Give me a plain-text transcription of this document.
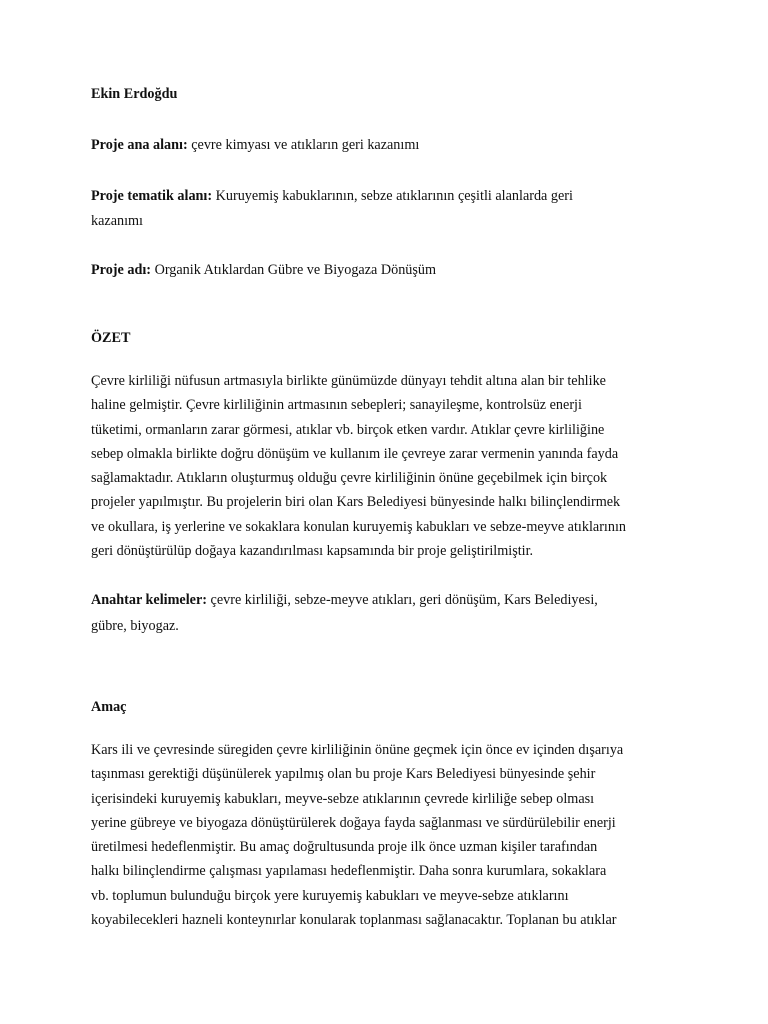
Ekin Erdoğdu
Proje ana alanı: çevre kimyası ve atıkların geri kazanımı
Proje tematik alanı: Kuruyemiş kabuklarının, sebze atıklarının çeşitli alanlarda geri
kazanımı
Proje adı: Organik Atıklardan Gübre ve Biyogaza Dönüşüm
ÖZET
Çevre kirliliği nüfusun artmasıyla birlikte günümüzde dünyayı tehdit altına alan bir tehlike
haline gelmiştir. Çevre kirliliğinin artmasının sebepleri; sanayileşme, kontrolsüz enerji
tüketimi, ormanların zarar görmesi, atıklar vb. birçok etken vardır. Atıklar çevre kirliliğine
sebep olmakla birlikte doğru dönüşüm ve kullanım ile çevreye zarar vermenin yanında fayda
sağlamaktadır. Atıkların oluşturmuş olduğu çevre kirliliğinin önüne geçebilmek için birçok
projeler yapılmıştır. Bu projelerin biri olan Kars Belediyesi bünyesinde halkı bilinçlendirmek
ve okullara, iş yerlerine ve sokaklara konulan kuruyemiş kabukları ve sebze-meyve atıklarının
geri dönüştürülüp doğaya kazandırılması kapsamında bir proje geliştirilmiştir.
Anahtar kelimeler: çevre kirliliği, sebze-meyve atıkları, geri dönüşüm, Kars Belediyesi,
gübre, biyogaz.
Amaç
Kars ili ve çevresinde süregiden çevre kirliliğinin önüne geçmek için önce ev içinden dışarıya
taşınması gerektiği düşünülerek yapılmış olan bu proje Kars Belediyesi bünyesinde şehir
içerisindeki kuruyemiş kabukları, meyve-sebze atıklarının çevrede kirliliğe sebep olması
yerine gübreye ve biyogaza dönüştürülerek doğaya fayda sağlanması ve sürdürülebilir enerji
üretilmesi hedeflenmiştir. Bu amaç doğrultusunda proje ilk önce uzman kişiler tarafından
halkı bilinçlendirme çalışması yapılaması hedeflenmiştir. Daha sonra kurumlara, sokaklara
vb. toplumun bulunduğu birçok yere kuruyemiş kabukları ve meyve-sebze atıklarını
koyabilecekleri hazneli konteynırlar konularak toplanması sağlanacaktır. Toplanan bu atıklar
